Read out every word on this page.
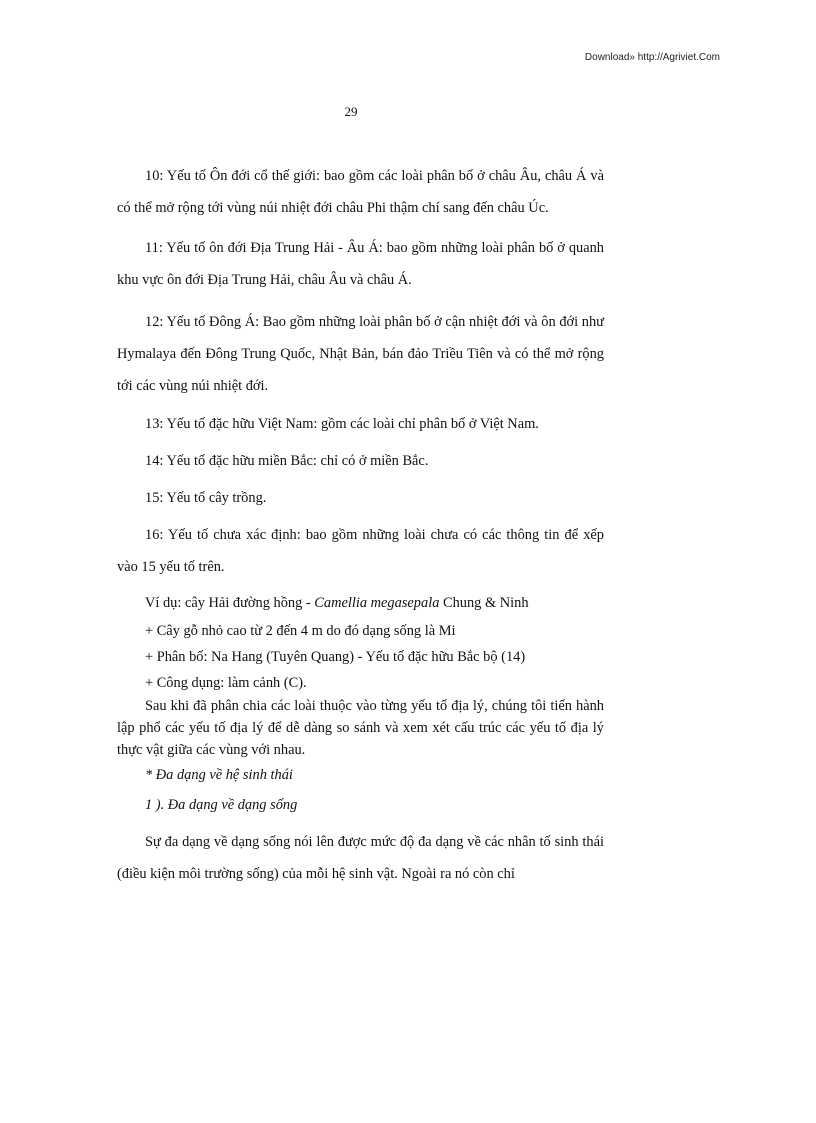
Download» http://Agriviet.Com
29

10: Yếu tố Ôn đới cổ thế giới: bao gồm các loài phân bố ở châu Âu, châu Á và có thể mở rộng tới vùng núi nhiệt đới châu Phi thậm chí sang đến châu Úc.

11: Yếu tố ôn đới Địa Trung Hải - Âu Á: bao gồm những loài phân bố ở quanh khu vực ôn đới Địa Trung Hải, châu Âu và châu Á.

12: Yếu tố Đông Á: Bao gồm những loài phân bố ở cận nhiệt đới và ôn đới như Hymalaya đến Đông Trung Quốc, Nhật Bản, bán đảo Triều Tiên và có thể mở rộng tới các vùng núi nhiệt đới.

13: Yếu tố đặc hữu Việt Nam: gồm các loài chỉ phân bố ở Việt Nam.

14: Yếu tố đặc hữu miền Bắc: chỉ có ở miền Bắc.

15: Yếu tố cây trồng.

16: Yếu tố chưa xác định: bao gồm những loài chưa có các thông tin để xếp vào 15 yếu tố trên.

Ví dụ: cây Hải đường hồng - Camellia megasepala Chung & Ninh

+ Cây gỗ nhỏ cao từ 2 đến 4 m do đó dạng sống là Mi

+ Phân bố: Na Hang (Tuyên Quang) - Yếu tố đặc hữu Bắc bộ (14)

+ Công dụng: làm cảnh (C).

Sau khi đã phân chia các loài thuộc vào từng yếu tố địa lý, chúng tôi tiến hành lập phổ các yếu tố địa lý để dễ dàng so sánh và xem xét cấu trúc các yếu tố địa lý thực vật giữa các vùng với nhau.

* Đa dạng về hệ sinh thái

1 ). Đa dạng về dạng sống

Sự đa dạng về dạng sống nói lên được mức độ đa dạng về các nhân tố sinh thái (điều kiện môi trường sống) của mỗi hệ sinh vật. Ngoài ra nó còn chỉ
